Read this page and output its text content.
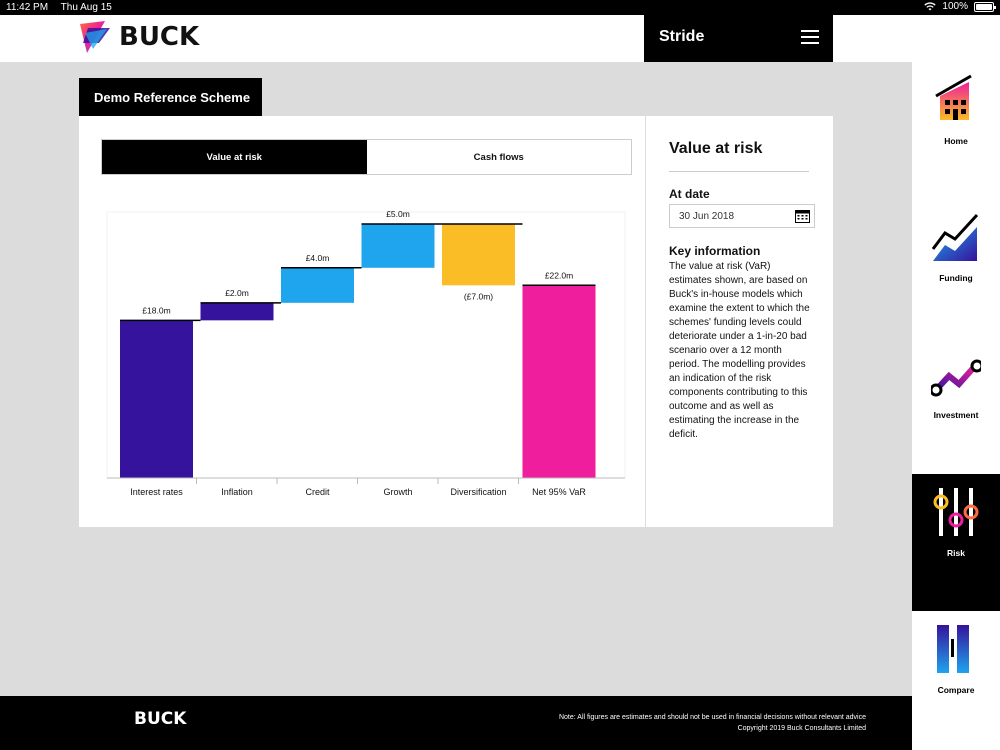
11:42 PM Thu Aug 15	100%
BUCK	Stride
Demo Reference Scheme
Value at risk	Cash flows
£18.0m
Interest rates
£2.0m
Inflation
£4.0m
Credit
£5.0m
Growth
(£7.0m)
Diversification
£22.0m
Net 95% VaR
Value at risk
At date
30 Jun 2018
Key information
The value at risk (VaR) estimates shown, are based on Buck's in-house models which examine the extent to which the schemes' funding levels could deteriorate under a 1-in-20 bad scenario over a 12 month period. The modelling provides an indication of the risk components contributing to this outcome and as well as estimating the increase in the deficit.
Home
Funding
Investment
Risk
Compare
BUCK	Note: All figures are estimates and should not be used in financial decisions without relevant advice
Copyright 2019 Buck Consultants Limited
